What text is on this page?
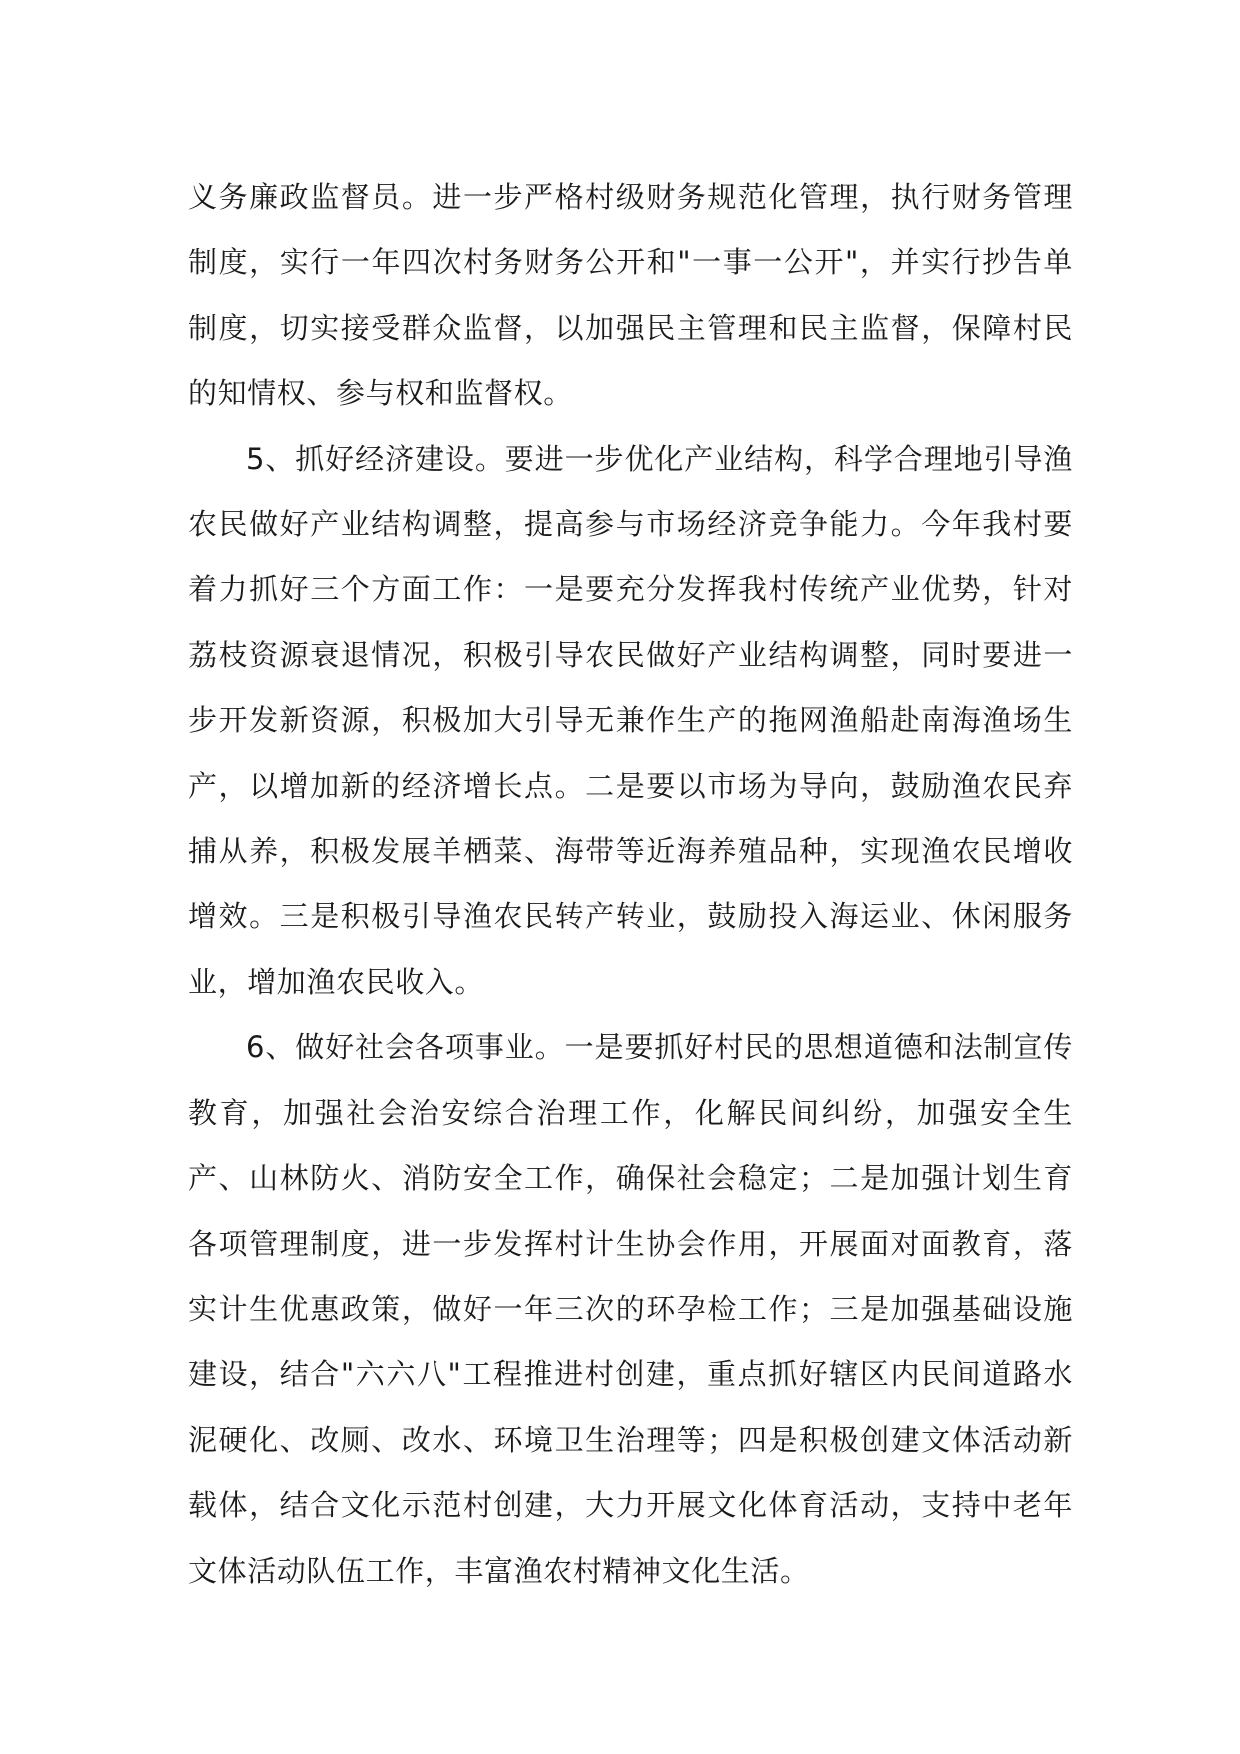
义务廉政监督员。进一步严格村级财务规范化管理，执行财务管理制度，实行一年四次村务财务公开和"一事一公开"，并实行抄告单制度，切实接受群众监督，以加强民主管理和民主监督，保障村民的知情权、参与权和监督权。

5、抓好经济建设。要进一步优化产业结构，科学合理地引导渔农民做好产业结构调整，提高参与市场经济竞争能力。今年我村要着力抓好三个方面工作：一是要充分发挥我村传统产业优势，针对荔枝资源衰退情况，积极引导农民做好产业结构调整，同时要进一步开发新资源，积极加大引导无兼作生产的拖网渔船赴南海渔场生产，以增加新的经济增长点。二是要以市场为导向，鼓励渔农民弃捕从养，积极发展羊栖菜、海带等近海养殖品种，实现渔农民增收增效。三是积极引导渔农民转产转业，鼓励投入海运业、休闲服务业，增加渔农民收入。

6、做好社会各项事业。一是要抓好村民的思想道德和法制宣传教育，加强社会治安综合治理工作，化解民间纠纷，加强安全生产、山林防火、消防安全工作，确保社会稳定；二是加强计划生育各项管理制度，进一步发挥村计生协会作用，开展面对面教育，落实计生优惠政策，做好一年三次的环孕检工作；三是加强基础设施建设，结合"六六八"工程推进村创建，重点抓好辖区内民间道路水泥硬化、改厕、改水、环境卫生治理等；四是积极创建文体活动新载体，结合文化示范村创建，大力开展文化体育活动，支持中老年文体活动队伍工作，丰富渔农村精神文化生活。
